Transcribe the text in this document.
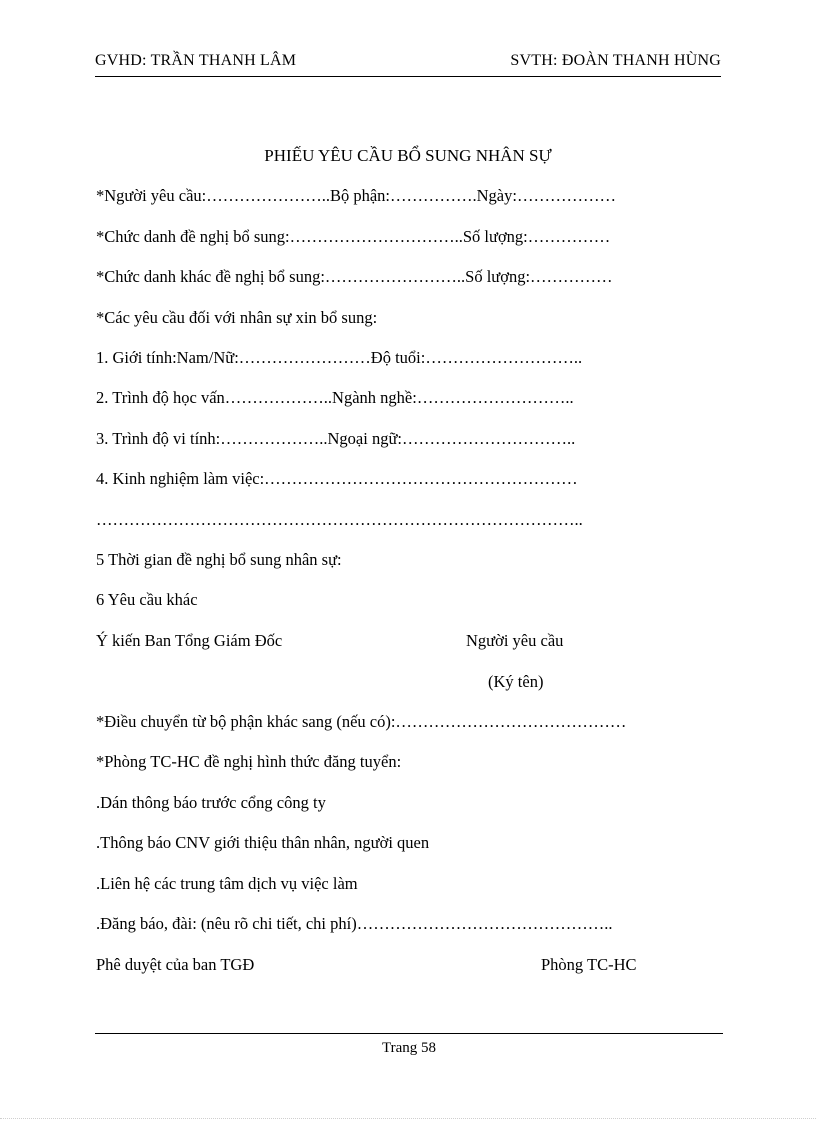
GVHD: TRẦN THANH LÂM	SVTH: ĐOÀN THANH HÙNG
PHIẾU YÊU CẦU BỔ SUNG NHÂN SỰ
*Người yêu cầu:…………………..Bộ phận:…………….Ngày:………………
*Chức danh đề nghị bổ sung:…………………………..Số lượng:……………
*Chức danh khác đề nghị bổ sung:……………………..Số lượng:……………
*Các yêu cầu đối với nhân sự xin bổ sung:
1. Giới tính:Nam/Nữ:……………………Độ tuổi:………………………..
2. Trình độ học vấn………………..Ngành nghề:………………………..
3. Trình độ vi tính:………………..Ngoại ngữ:…………………………..
4. Kinh nghiệm làm việc:…………………………………………………
……………………………………………………………………………..
5 Thời gian đề nghị bổ sung nhân sự:
6 Yêu cầu khác
Ý kiến Ban Tổng Giám Đốc	Người yêu cầu
(Ký tên)
*Điều chuyển từ bộ phận khác sang (nếu có):……………………………………
*Phòng TC-HC đề nghị hình thức đăng tuyển:
.Dán thông báo trước cổng công ty
.Thông báo CNV giới thiệu thân nhân, người quen
.Liên hệ các trung tâm dịch vụ việc làm
.Đăng báo, đài: (nêu rõ chi tiết, chi phí)………………………………………..
Phê duyệt của ban TGĐ	Phòng TC-HC
Trang 58
